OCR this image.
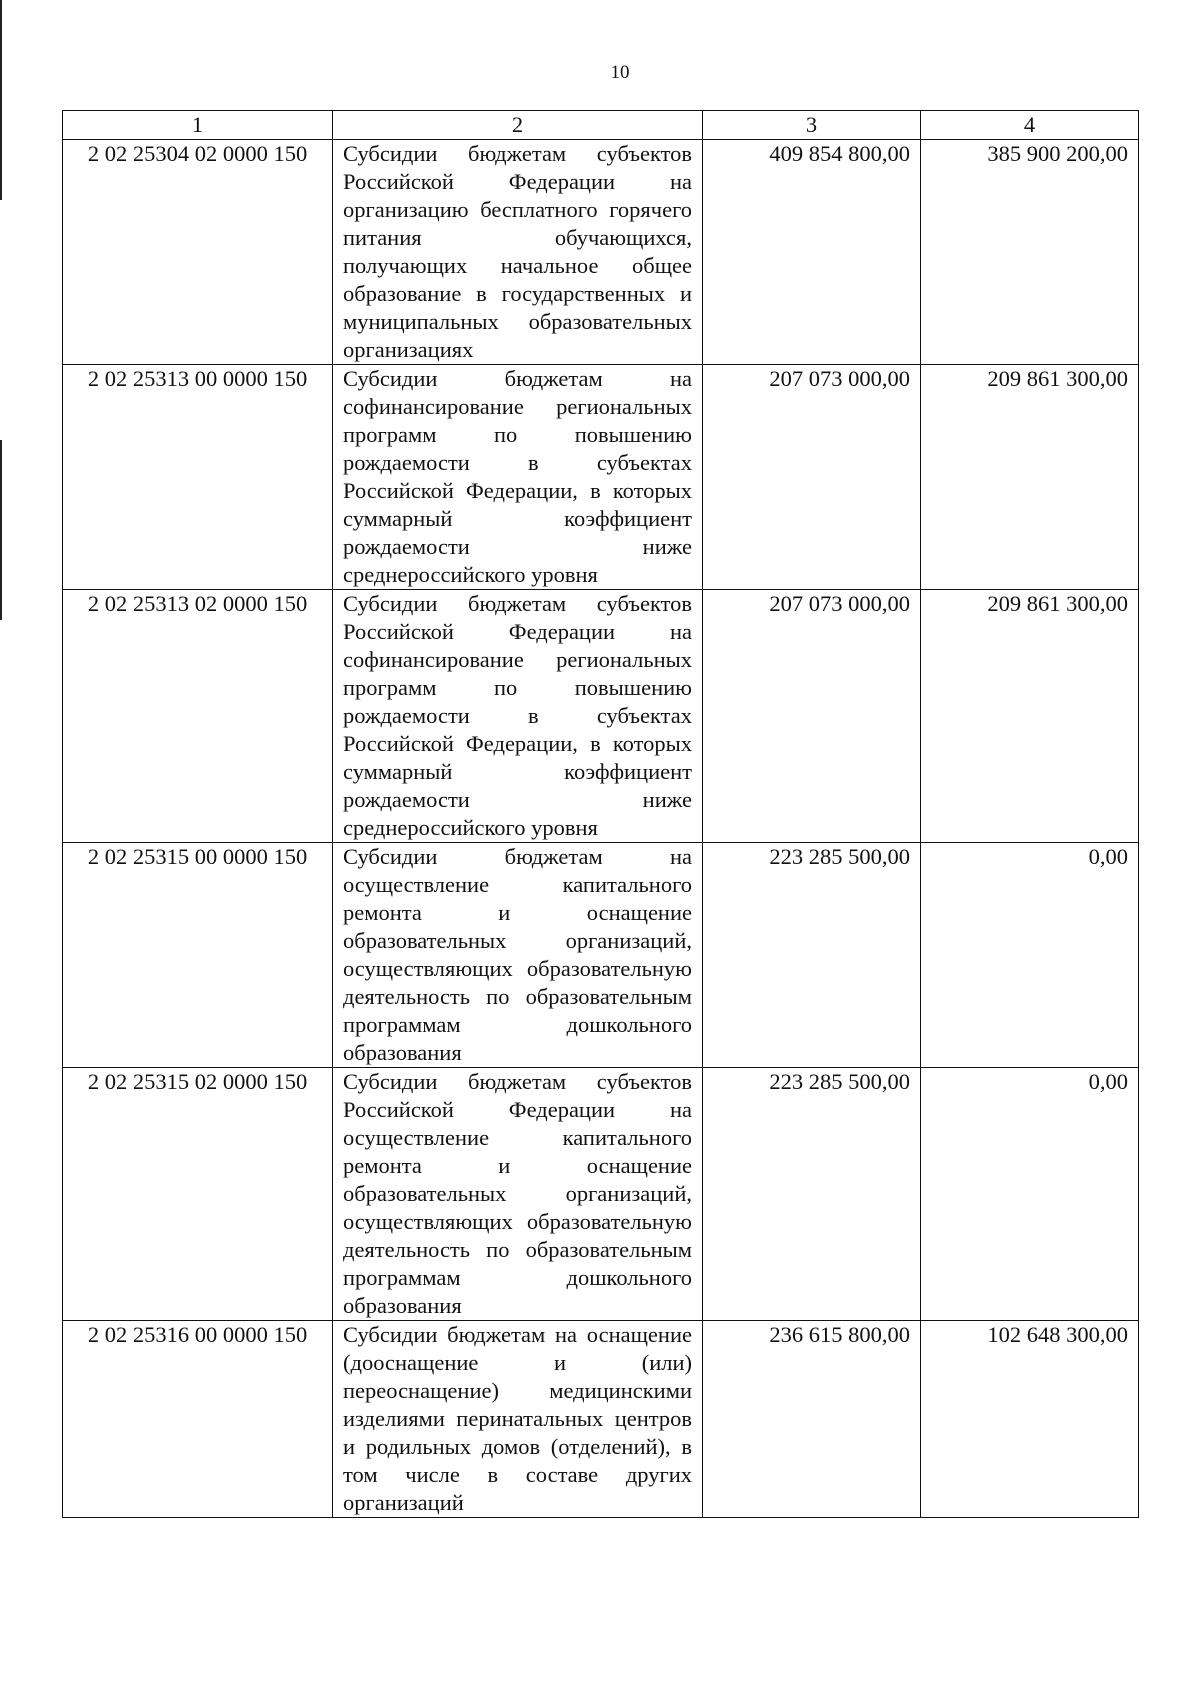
10
1	2	3	4
2 02 25304 02 0000 150	Субсидии бюджетам субъектов Российской Федерации на организацию бесплатного горячего питания обучающихся, получающих начальное общее образование в государственных и муниципальных образовательных организациях	409 854 800,00	385 900 200,00
2 02 25313 00 0000 150	Субсидии бюджетам на софинансирование региональных программ по повышению рождаемости в субъектах Российской Федерации, в которых суммарный коэффициент рождаемости ниже среднероссийского уровня	207 073 000,00	209 861 300,00
2 02 25313 02 0000 150	Субсидии бюджетам субъектов Российской Федерации на софинансирование региональных программ по повышению рождаемости в субъектах Российской Федерации, в которых суммарный коэффициент рождаемости ниже среднероссийского уровня	207 073 000,00	209 861 300,00
2 02 25315 00 0000 150	Субсидии бюджетам на осуществление капитального ремонта и оснащение образовательных организаций, осуществляющих образовательную деятельность по образовательным программам дошкольного образования	223 285 500,00	0,00
2 02 25315 02 0000 150	Субсидии бюджетам субъектов Российской Федерации на осуществление капитального ремонта и оснащение образовательных организаций, осуществляющих образовательную деятельность по образовательным программам дошкольного образования	223 285 500,00	0,00
2 02 25316 00 0000 150	Субсидии бюджетам на оснащение (дооснащение и (или) переоснащение) медицинскими изделиями перинатальных центров и родильных домов (отделений), в том числе в составе других организаций	236 615 800,00	102 648 300,00
